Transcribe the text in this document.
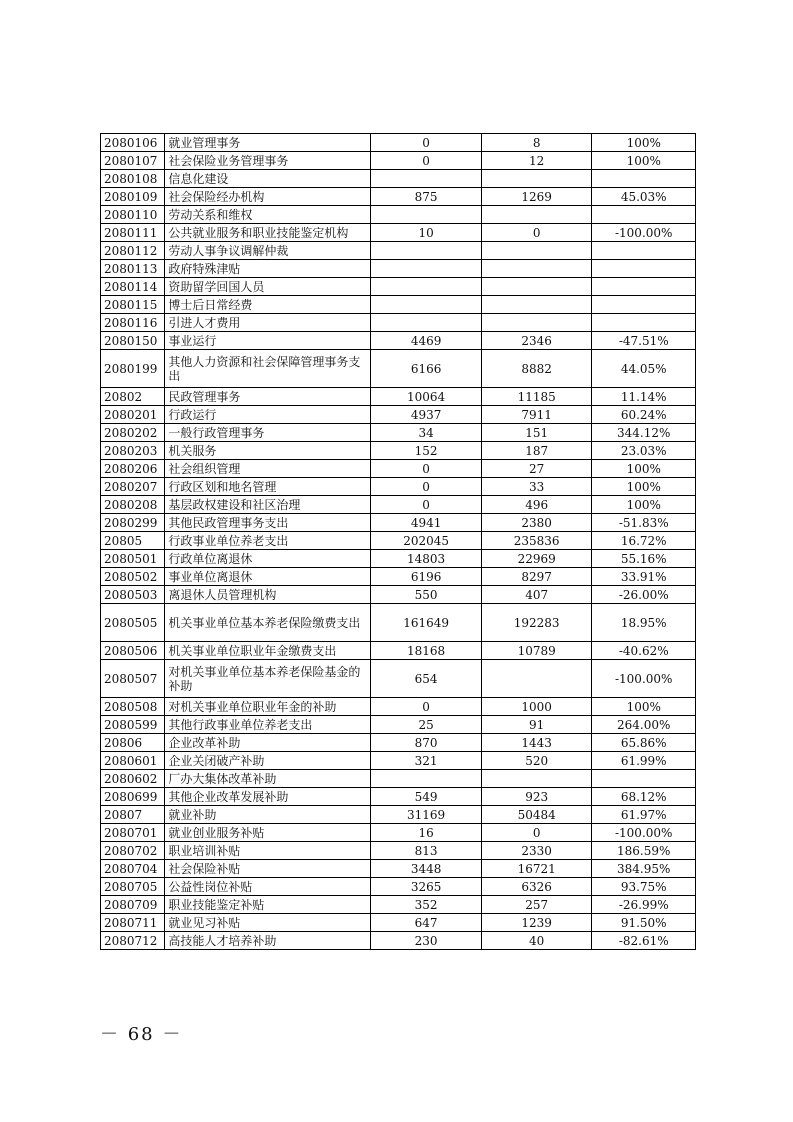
2080106	就业管理事务	0	8	100%
2080107	社会保险业务管理事务	0	12	100%
2080108	信息化建设			
2080109	社会保险经办机构	875	1269	45.03%
2080110	劳动关系和维权			
2080111	公共就业服务和职业技能鉴定机构	10	0	-100.00%
2080112	劳动人事争议调解仲裁			
2080113	政府特殊津贴			
2080114	资助留学回国人员			
2080115	博士后日常经费			
2080116	引进人才费用			
2080150	事业运行	4469	2346	-47.51%
2080199	其他人力资源和社会保障管理事务支出	6166	8882	44.05%
20802	民政管理事务	10064	11185	11.14%
2080201	行政运行	4937	7911	60.24%
2080202	一般行政管理事务	34	151	344.12%
2080203	机关服务	152	187	23.03%
2080206	社会组织管理	0	27	100%
2080207	行政区划和地名管理	0	33	100%
2080208	基层政权建设和社区治理	0	496	100%
2080299	其他民政管理事务支出	4941	2380	-51.83%
20805	行政事业单位养老支出	202045	235836	16.72%
2080501	行政单位离退休	14803	22969	55.16%
2080502	事业单位离退休	6196	8297	33.91%
2080503	离退休人员管理机构	550	407	-26.00%
2080505	机关事业单位基本养老保险缴费支出	161649	192283	18.95%
2080506	机关事业单位职业年金缴费支出	18168	10789	-40.62%
2080507	对机关事业单位基本养老保险基金的补助	654		-100.00%
2080508	对机关事业单位职业年金的补助	0	1000	100%
2080599	其他行政事业单位养老支出	25	91	264.00%
20806	企业改革补助	870	1443	65.86%
2080601	企业关闭破产补助	321	520	61.99%
2080602	厂办大集体改革补助			
2080699	其他企业改革发展补助	549	923	68.12%
20807	就业补助	31169	50484	61.97%
2080701	就业创业服务补贴	16	0	-100.00%
2080702	职业培训补贴	813	2330	186.59%
2080704	社会保险补贴	3448	16721	384.95%
2080705	公益性岗位补贴	3265	6326	93.75%
2080709	职业技能鉴定补贴	352	257	-26.99%
2080711	就业见习补贴	647	1239	91.50%
2080712	高技能人才培养补助	230	40	-82.61%
－ 68 －
